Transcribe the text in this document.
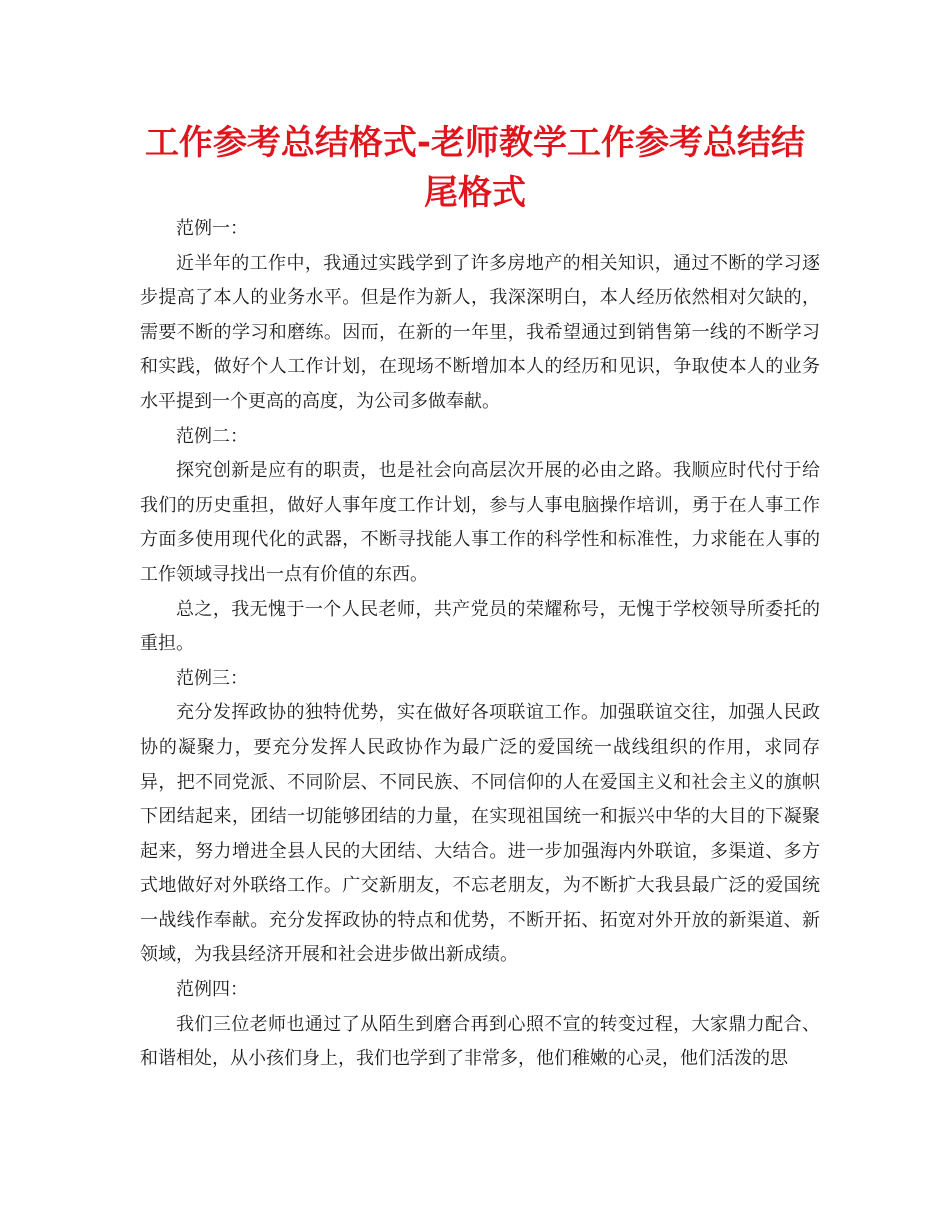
工作参考总结格式-老师教学工作参考总结结尾格式

范例一：

近半年的工作中，我通过实践学到了许多房地产的相关知识，通过不断的学习逐步提高了本人的业务水平。但是作为新人，我深深明白，本人经历依然相对欠缺的，需要不断的学习和磨练。因而，在新的一年里，我希望通过到销售第一线的不断学习和实践，做好个人工作计划，在现场不断增加本人的经历和见识，争取使本人的业务水平提到一个更高的高度，为公司多做奉献。

范例二：

探究创新是应有的职责，也是社会向高层次开展的必由之路。我顺应时代付于给我们的历史重担，做好人事年度工作计划，参与人事电脑操作培训，勇于在人事工作方面多使用现代化的武器，不断寻找能人事工作的科学性和标准性，力求能在人事的工作领域寻找出一点有价值的东西。

总之，我无愧于一个人民老师，共产党员的荣耀称号，无愧于学校领导所委托的重担。

范例三：

充分发挥政协的独特优势，实在做好各项联谊工作。加强联谊交往，加强人民政协的凝聚力，要充分发挥人民政协作为最广泛的爱国统一战线组织的作用，求同存异，把不同党派、不同阶层、不同民族、不同信仰的人在爱国主义和社会主义的旗帜下团结起来，团结一切能够团结的力量，在实现祖国统一和振兴中华的大目的下凝聚起来，努力增进全县人民的大团结、大结合。进一步加强海内外联谊，多渠道、多方式地做好对外联络工作。广交新朋友，不忘老朋友，为不断扩大我县最广泛的爱国统一战线作奉献。充分发挥政协的特点和优势，不断开拓、拓宽对外开放的新渠道、新领域，为我县经济开展和社会进步做出新成绩。

范例四：

我们三位老师也通过了从陌生到磨合再到心照不宣的转变过程，大家鼎力配合、和谐相处，从小孩们身上，我们也学到了非常多，他们稚嫩的心灵，他们活泼的思
